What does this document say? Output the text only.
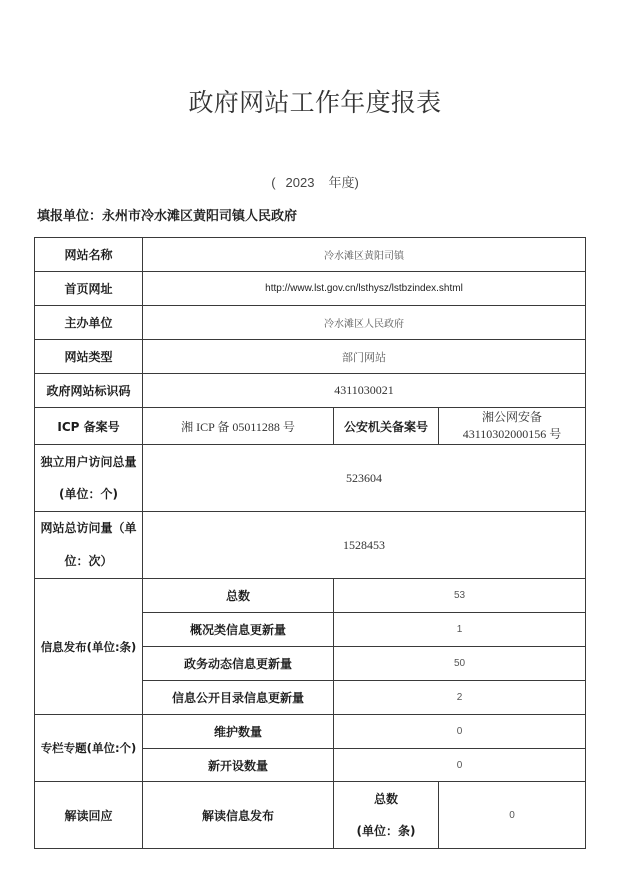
政府网站工作年度报表
( 2023 年度)
填报单位：永州市冷水滩区黄阳司镇人民政府
网站名称	冷水滩区黄阳司镇		
首页网址	http://www.lst.gov.cn/lsthysz/lstbzindex.shtml		
主办单位	冷水滩区人民政府		
网站类型	部门网站		
政府网站标识码	4311030021		
ICP 备案号	湘 ICP 备 05011288 号	公安机关备案号	湘公网安备 43110302000156 号

独立用户访问总量
(单位：个)	523604		

网站总访问量（单位：次）	1528453		
信息发布(单位:条)	总数	53	
	概况类信息更新量	1	
	政务动态信息更新量	50	
	信息公开目录信息更新量	2	
专栏专题(单位:个)	维护数量	0	
	新开设数量	0	
解读回应	解读信息发布	总数
(单位：条)	0
